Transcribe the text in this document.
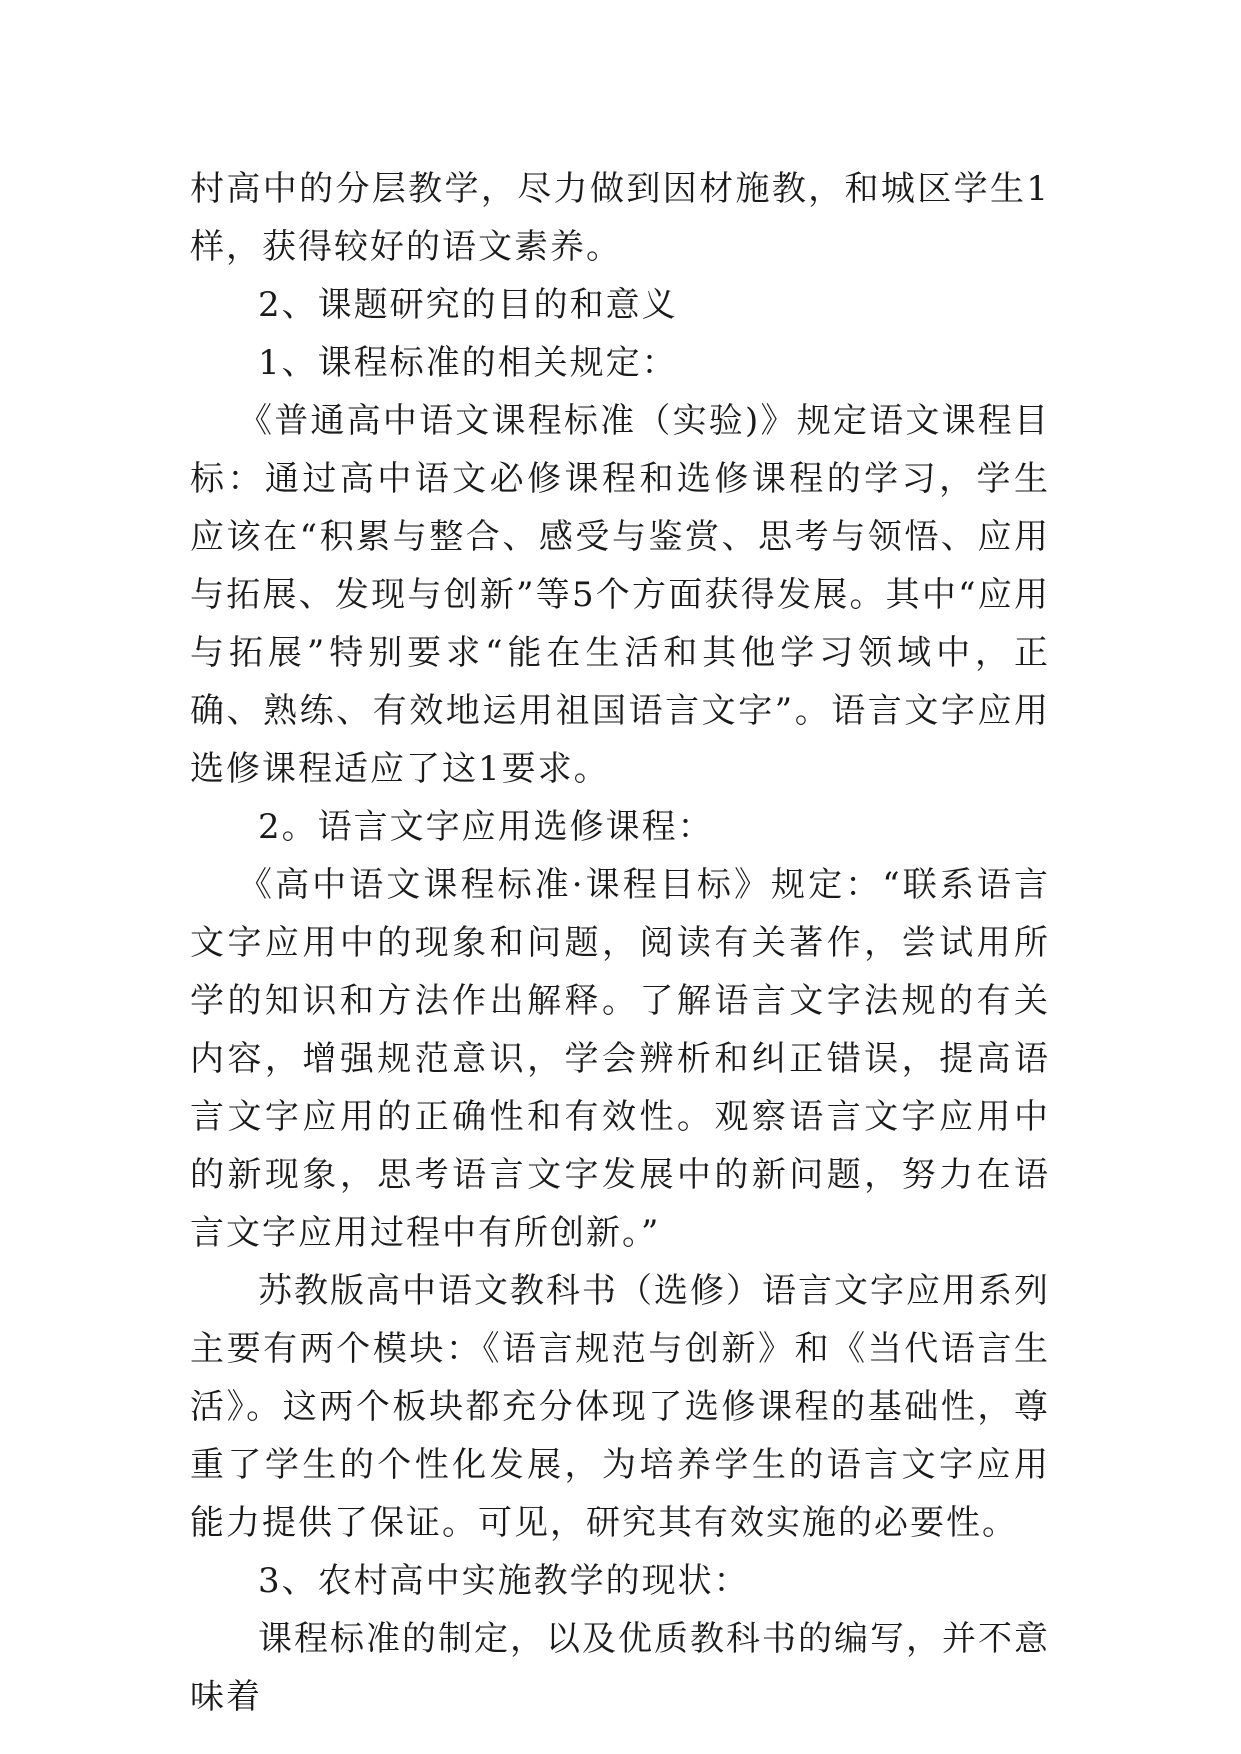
村高中的分层教学，尽力做到因材施教，和城区学生1样，获得较好的语文素养。

2、课题研究的目的和意义

1、课程标准的相关规定：

《普通高中语文课程标准（实验)》规定语文课程目标：通过高中语文必修课程和选修课程的学习，学生应该在“积累与整合、感受与鉴赏、思考与领悟、应用与拓展、发现与创新”等5个方面获得发展。其中“应用与拓展”特别要求“能在生活和其他学习领域中，正确、熟练、有效地运用祖国语言文字”。语言文字应用选修课程适应了这1要求。

2。语言文字应用选修课程：

《高中语文课程标准·课程目标》规定：“联系语言文字应用中的现象和问题，阅读有关著作，尝试用所学的知识和方法作出解释。了解语言文字法规的有关内容，增强规范意识，学会辨析和纠正错误，提高语言文字应用的正确性和有效性。观察语言文字应用中的新现象，思考语言文字发展中的新问题，努力在语言文字应用过程中有所创新。”

苏教版高中语文教科书（选修）语言文字应用系列主要有两个模块：《语言规范与创新》和《当代语言生活》。这两个板块都充分体现了选修课程的基础性，尊重了学生的个性化发展，为培养学生的语言文字应用能力提供了保证。可见，研究其有效实施的必要性。

3、农村高中实施教学的现状：

课程标准的制定，以及优质教科书的编写，并不意味着
